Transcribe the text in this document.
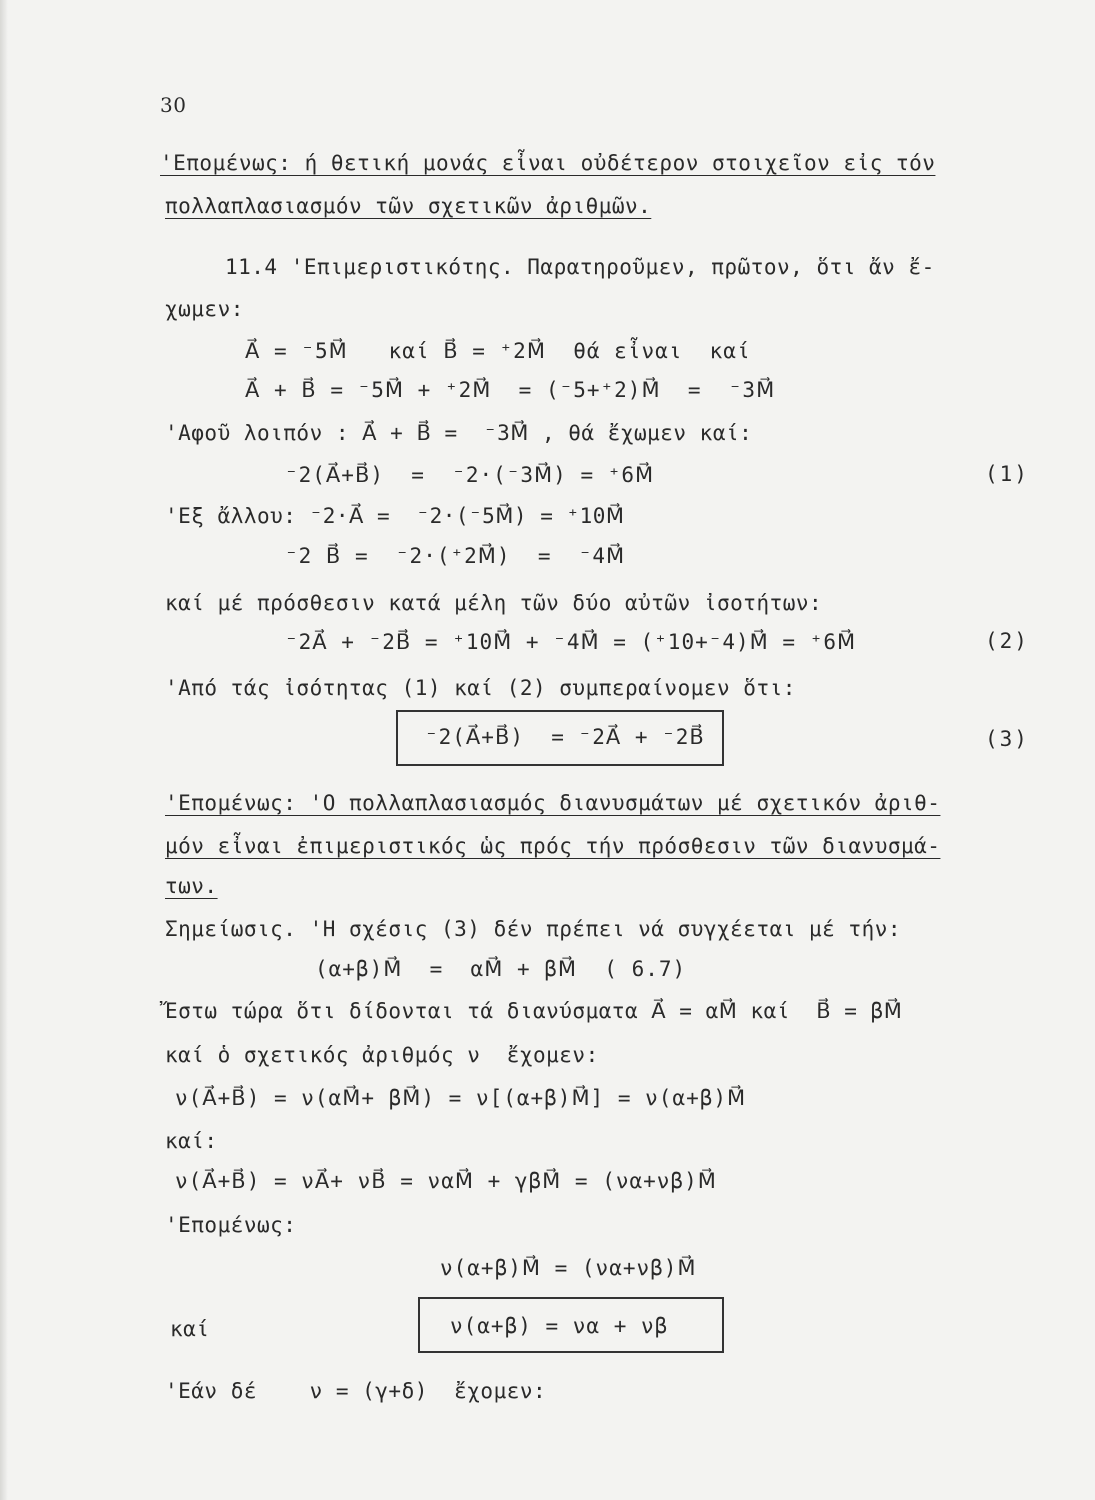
30
'Επομένως: ή θετική μονάς εἶναι οὐδέτερον στοιχεῖον εἰς τόν
πολλαπλασιασμόν τῶν σχετικῶν ἀριθμῶν.
11.4 'Επιμεριστικότης. Παρατηροῦμεν, πρῶτον, ὅτι ἄν ἔ-
χωμεν:
A⃗ = ⁻5M⃗   καί B⃗ = ⁺2M⃗  θά εἶναι  καί
A⃗ + B⃗ = ⁻5M⃗ + ⁺2M⃗  = (⁻5+⁺2)M⃗  =  ⁻3M⃗
'Αφοῦ λοιπόν : A⃗ + B⃗ =  ⁻3M⃗ , θά ἔχωμεν καί:
⁻2(A⃗+B⃗)  =  ⁻2·(⁻3M⃗) = ⁺6M⃗	(1)
'Εξ ἄλλου: ⁻2·A⃗ =  ⁻2·(⁻5M⃗) = ⁺10M⃗
⁻2 B⃗ =  ⁻2·(⁺2M⃗)  =  ⁻4M⃗
καί μέ πρόσθεσιν κατά μέλη τῶν δύο αὐτῶν ἰσοτήτων:
⁻2A⃗ + ⁻2B⃗ = ⁺10M⃗ + ⁻4M⃗ = (⁺10+⁻4)M⃗ = ⁺6M⃗	(2)
'Από τάς ἰσότητας (1) καί (2) συμπεραίνομεν ὅτι:
⁻2(A⃗+B⃗)  = ⁻2A⃗ + ⁻2B⃗	(3)
'Επομένως: 'Ο πολλαπλασιασμός διανυσμάτων μέ σχετικόν ἀριθ-
μόν εἶναι ἐπιμεριστικός ὡς πρός τήν πρόσθεσιν τῶν διανυσμά-
των.
Σημείωσις. 'Η σχέσις (3) δέν πρέπει νά συγχέεται μέ τήν:
(α+β)M⃗  =  αM⃗ + βM⃗  ( 6.7)
Ἔστω τώρα ὅτι δίδονται τά διανύσματα A⃗ = αM⃗ καί  B⃗ = βM⃗
καί ὁ σχετικός ἀριθμός ν  ἔχομεν:
ν(A⃗+B⃗) = ν(αM⃗+ βM⃗) = ν[(α+β)M⃗] = ν(α+β)M⃗
καί:
ν(A⃗+B⃗) = νA⃗+ νB⃗ = ναM⃗ + γβM⃗ = (να+νβ)M⃗
'Επομένως:
ν(α+β)M⃗ = (να+νβ)M⃗
καί	ν(α+β) = να + νβ
'Εάν δέ    ν = (γ+δ)  ἔχομεν:
